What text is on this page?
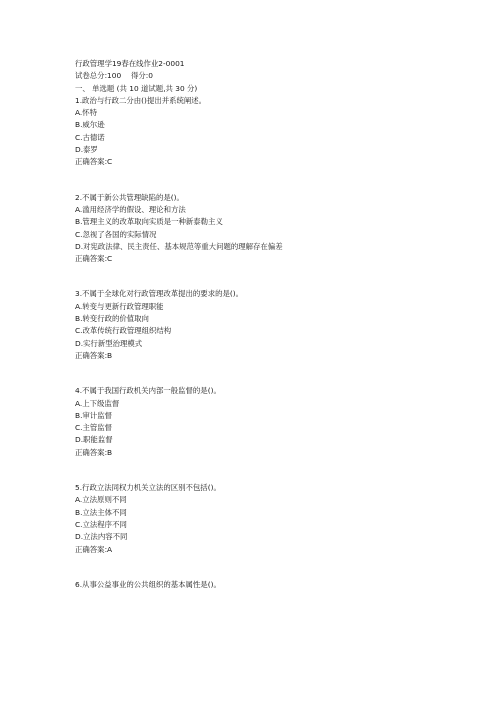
行政管理学19春在线作业2-0001
试卷总分:100 得分:0
一、 单选题 (共 10 道试题,共 30 分)
1.政治与行政二分由()提出并系统阐述。
A.怀特
B.威尔逊
C.古德诺
D.泰罗
正确答案:C
2.不属于新公共管理缺陷的是()。
A.滥用经济学的假设、理论和方法
B.管理主义的改革取向实质是一种新泰勒主义
C.忽视了各国的实际情况
D.对宪政法律、民主责任、基本规范等重大问题的理解存在偏差
正确答案:C
3.不属于全球化对行政管理改革提出的要求的是()。
A.转变与更新行政管理职能
B.转变行政的价值取向
C.改革传统行政管理组织结构
D.实行新型治理模式
正确答案:B
4.不属于我国行政机关内部一般监督的是()。
A.上下级监督
B.审计监督
C.主管监督
D.职能监督
正确答案:B
5.行政立法同权力机关立法的区别不包括()。
A.立法原则不同
B.立法主体不同
C.立法程序不同
D.立法内容不同
正确答案:A
6.从事公益事业的公共组织的基本属性是()。
